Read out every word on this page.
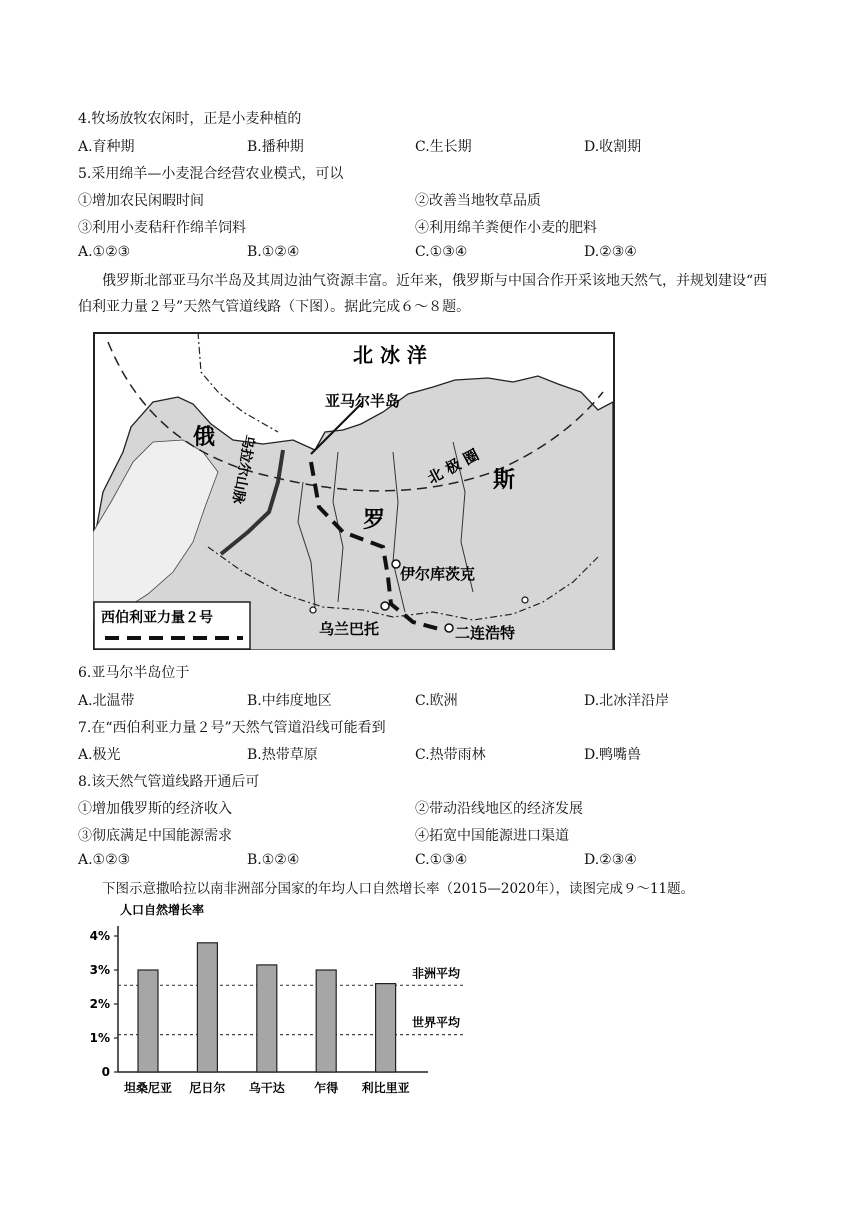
4.牧场放牧农闲时，正是小麦种植的
A.育种期	B.播种期	C.生长期	D.收割期
5.采用绵羊—小麦混合经营农业模式，可以
①增加农民闲暇时间	②改善当地牧草品质
③利用小麦秸秆作绵羊饲料	④利用绵羊粪便作小麦的肥料
A.①②③	B.①②④	C.①③④	D.②③④
俄罗斯北部亚马尔半岛及其周边油气资源丰富。近年来，俄罗斯与中国合作开采该地天然气，并规划建设“西伯利亚力量２号”天然气管道线路（下图）。据此完成６～８题。
北 冰 洋
亚马尔半岛
俄
罗
斯
乌拉尔山脉	北 极 圈
伊尔库茨克
乌兰巴托	二连浩特
西伯利亚力量２号
6.亚马尔半岛位于
A.北温带	B.中纬度地区	C.欧洲	D.北冰洋沿岸
7.在“西伯利亚力量２号”天然气管道沿线可能看到
A.极光	B.热带草原	C.热带雨林	D.鸭嘴兽
8.该天然气管道线路开通后可
①增加俄罗斯的经济收入	②带动沿线地区的经济发展
③彻底满足中国能源需求	④拓宽中国能源进口渠道
A.①②③	B.①②④	C.①③④	D.②③④
下图示意撒哈拉以南非洲部分国家的年均人口自然增长率（2015—2020年），读图完成９～11题。
人口自然增长率
0
1%
2%
3%
4%
非洲平均
世界平均
坦桑尼亚 尼日尔 乌干达 乍得 利比里亚
